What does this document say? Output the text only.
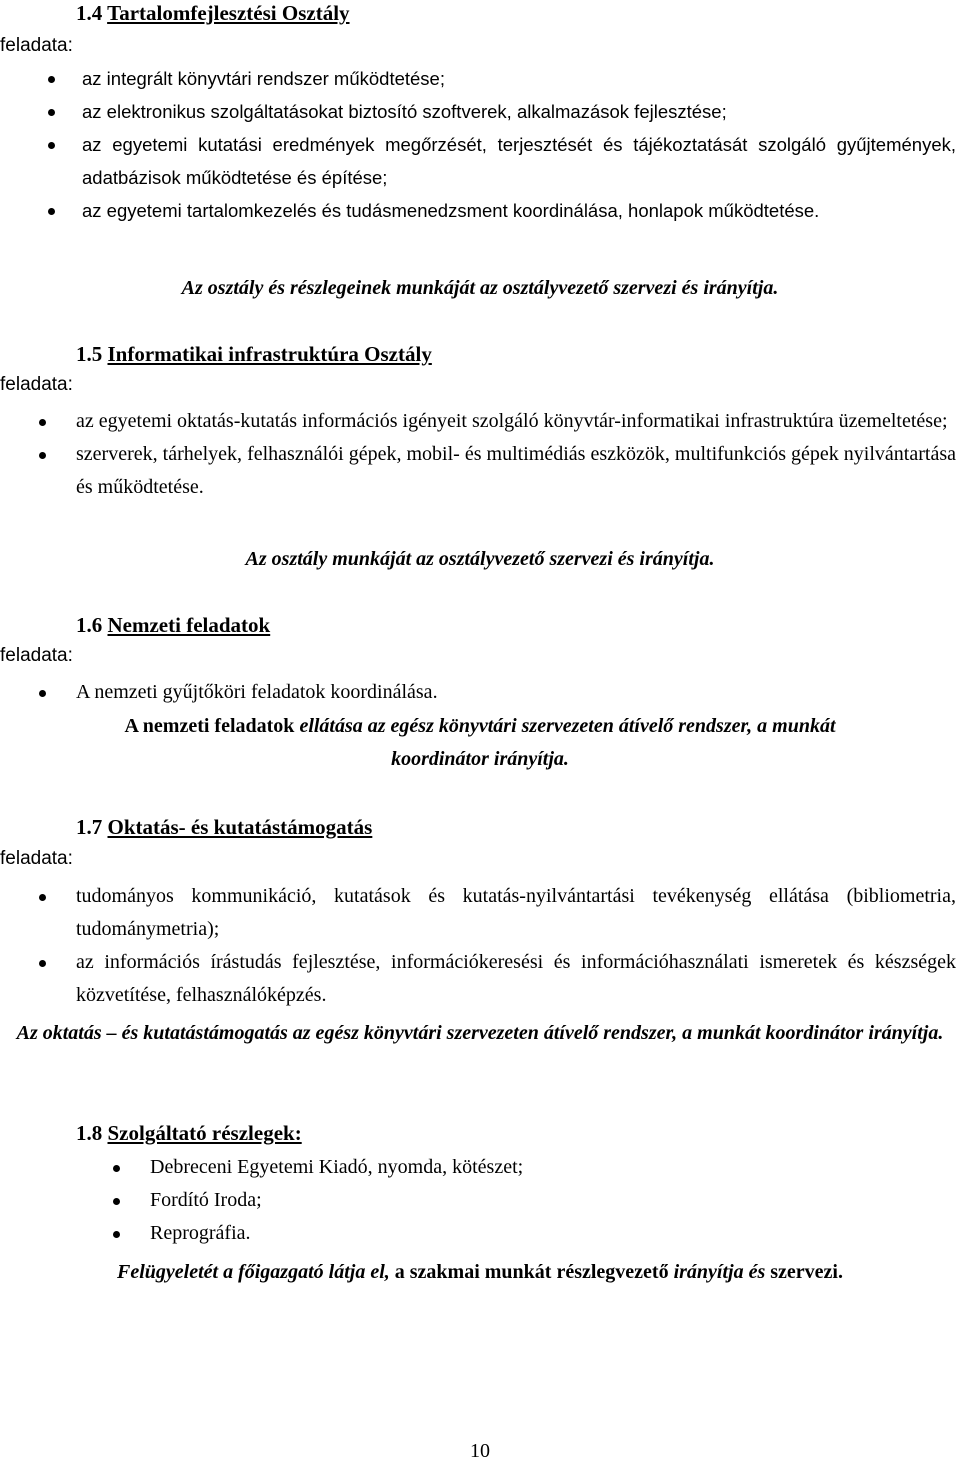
1.4 Tartalomfejlesztési Osztály
feladata:
az integrált könyvtári rendszer működtetése;
az elektronikus szolgáltatásokat biztosító szoftverek, alkalmazások fejlesztése;
az egyetemi kutatási eredmények megőrzését, terjesztését és tájékoztatását szolgáló gyűjtemények, adatbázisok működtetése és építése;
az egyetemi tartalomkezelés és tudásmenedzsment koordinálása, honlapok működtetése.
Az osztály és részlegeinek munkáját az osztályvezető szervezi és irányítja.
1.5 Informatikai infrastruktúra Osztály
feladata:
az egyetemi oktatás-kutatás információs igényeit szolgáló könyvtár-informatikai infrastruktúra üzemeltetése;
szerverek, tárhelyek, felhasználói gépek, mobil- és multimédiás eszközök, multifunkciós gépek nyilvántartása és működtetése.
Az osztály munkáját az osztályvezető szervezi és irányítja.
1.6 Nemzeti feladatok
feladata:
A nemzeti gyűjtőköri feladatok koordinálása.
A nemzeti feladatok ellátása az egész könyvtári szervezeten átívelő rendszer, a munkát koordinátor irányítja.
1.7 Oktatás- és kutatástámogatás
feladata:
tudományos kommunikáció, kutatások és kutatás-nyilvántartási tevékenység ellátása (bibliometria, tudománymetria);
az információs írástudás fejlesztése, információkeresési és információhasználati ismeretek és készségek közvetítése, felhasználóképzés.
Az oktatás – és kutatástámogatás az egész könyvtári szervezeten átívelő rendszer, a munkát koordinátor irányítja.
1.8 Szolgáltató részlegek:
Debreceni Egyetemi Kiadó, nyomda, kötészet;
Fordító Iroda;
Reprográfia.
Felügyeletét a főigazgató látja el, a szakmai munkát részlegvezető irányítja és szervezi.
10
